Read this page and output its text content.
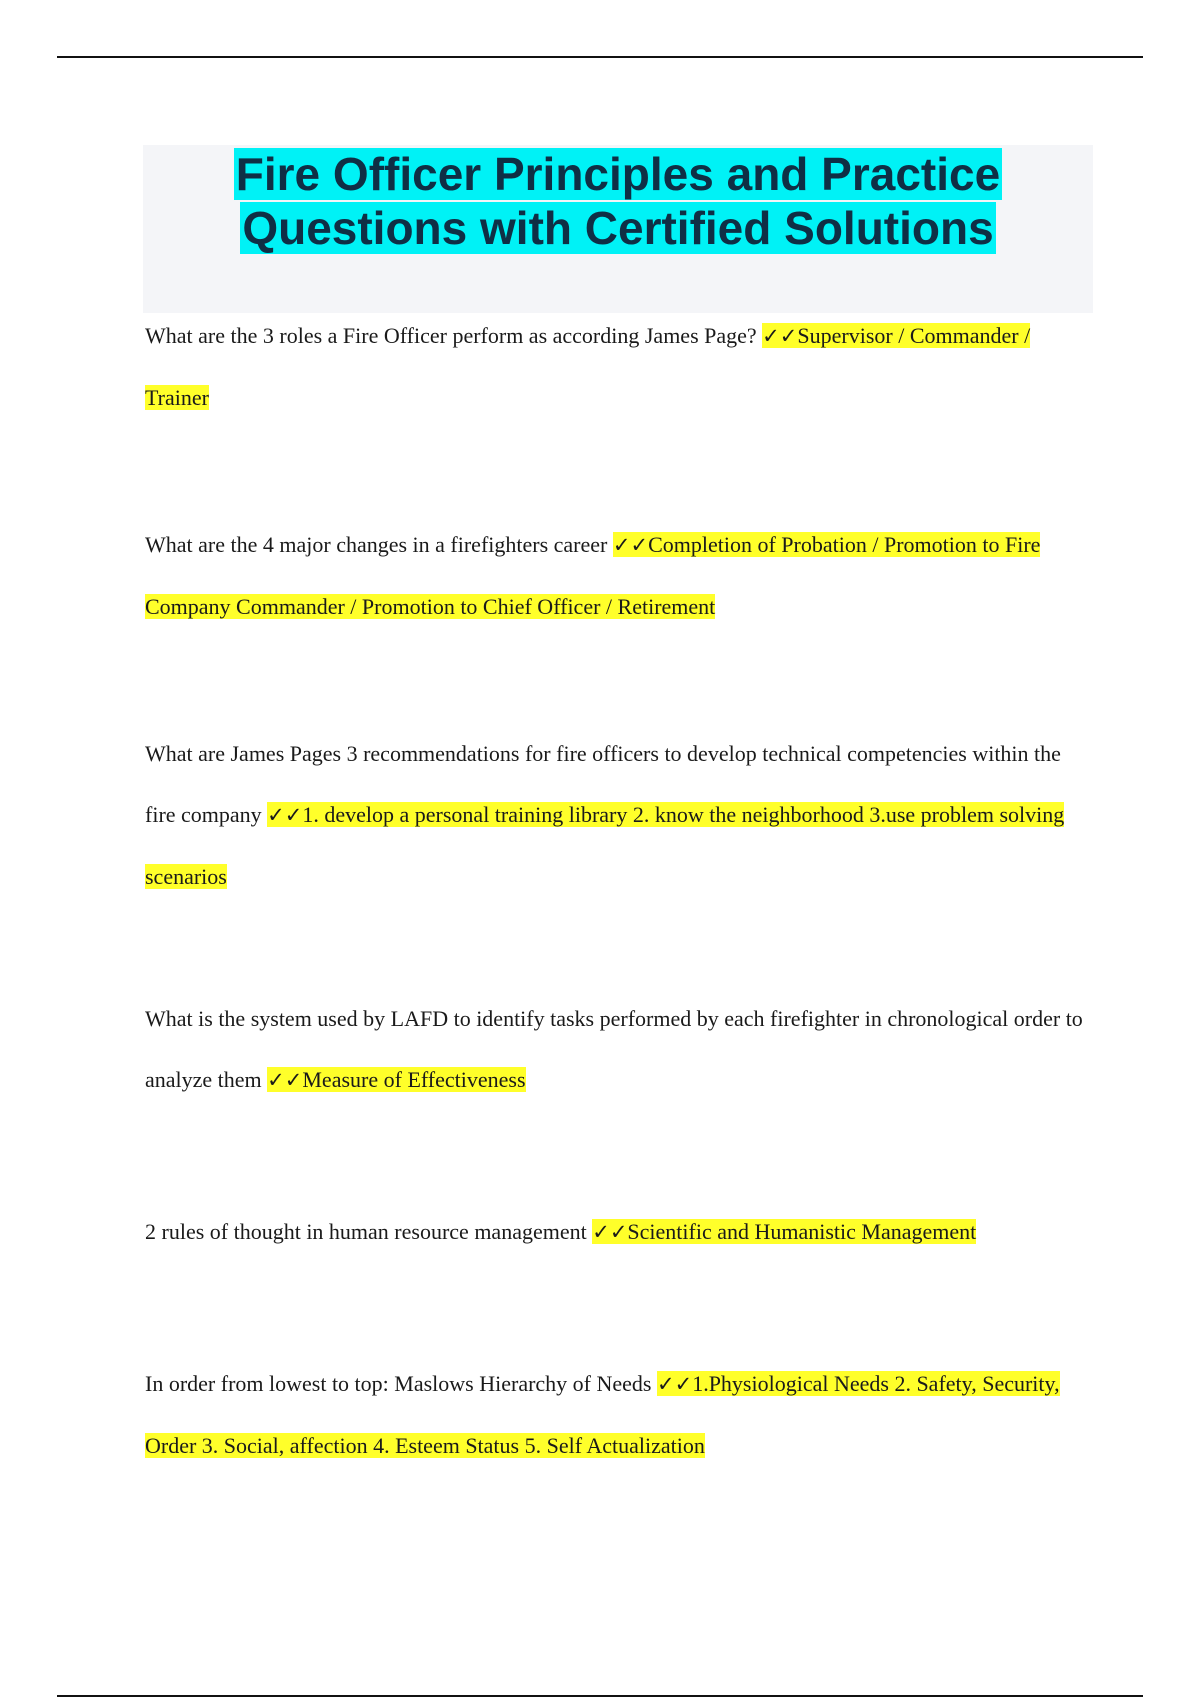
Fire Officer Principles and Practice
Questions with Certified Solutions

What are the 3 roles a Fire Officer perform as according James Page? ✓✓Supervisor / Commander / Trainer

What are the 4 major changes in a firefighters career ✓✓Completion of Probation / Promotion to Fire Company Commander / Promotion to Chief Officer / Retirement

What are James Pages 3 recommendations for fire officers to develop technical competencies within the fire company ✓✓1. develop a personal training library 2. know the neighborhood 3.use problem solving scenarios

What is the system used by LAFD to identify tasks performed by each firefighter in chronological order to analyze them ✓✓Measure of Effectiveness

2 rules of thought in human resource management ✓✓Scientific and Humanistic Management

In order from lowest to top: Maslows Hierarchy of Needs ✓✓1.Physiological Needs 2. Safety, Security, Order 3. Social, affection 4. Esteem Status 5. Self Actualization
